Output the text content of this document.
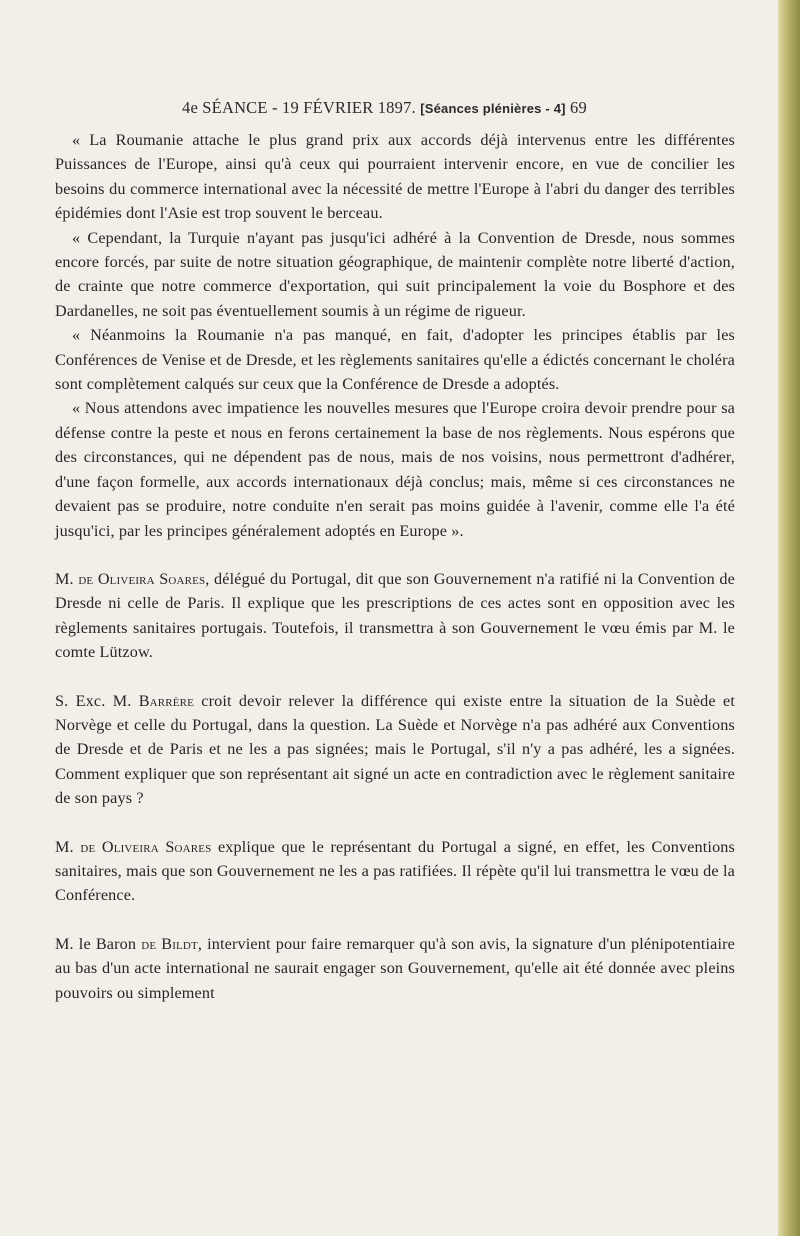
4e SÉANCE - 19 FÉVRIER 1897. [Séances plénières - 4] 69

« La Roumanie attache le plus grand prix aux accords déjà intervenus entre les différentes Puissances de l'Europe, ainsi qu'à ceux qui pourraient intervenir encore, en vue de concilier les besoins du commerce international avec la nécessité de mettre l'Europe à l'abri du danger des terribles épidémies dont l'Asie est trop souvent le berceau.

« Cependant, la Turquie n'ayant pas jusqu'ici adhéré à la Convention de Dresde, nous sommes encore forcés, par suite de notre situation géographique, de maintenir complète notre liberté d'action, de crainte que notre commerce d'exportation, qui suit principalement la voie du Bosphore et des Dardanelles, ne soit pas éventuellement soumis à un régime de rigueur.

« Néanmoins la Roumanie n'a pas manqué, en fait, d'adopter les principes établis par les Conférences de Venise et de Dresde, et les règlements sanitaires qu'elle a édictés concernant le choléra sont complètement calqués sur ceux que la Conférence de Dresde a adoptés.

« Nous attendons avec impatience les nouvelles mesures que l'Europe croira devoir prendre pour sa défense contre la peste et nous en ferons certainement la base de nos règlements. Nous espérons que des circonstances, qui ne dépendent pas de nous, mais de nos voisins, nous permettront d'adhérer, d'une façon formelle, aux accords internationaux déjà conclus; mais, même si ces circonstances ne devaient pas se produire, notre conduite n'en serait pas moins guidée à l'avenir, comme elle l'a été jusqu'ici, par les principes généralement adoptés en Europe ».

M. de Oliveira Soares, délégué du Portugal, dit que son Gouvernement n'a ratifié ni la Convention de Dresde ni celle de Paris. Il explique que les prescriptions de ces actes sont en opposition avec les règlements sanitaires portugais. Toutefois, il transmettra à son Gouvernement le vœu émis par M. le comte Lützow.

S. Exc. M. Barrère croit devoir relever la différence qui existe entre la situation de la Suède et Norvège et celle du Portugal, dans la question. La Suède et Norvège n'a pas adhéré aux Conventions de Dresde et de Paris et ne les a pas signées; mais le Portugal, s'il n'y a pas adhéré, les a signées. Comment expliquer que son représentant ait signé un acte en contradiction avec le règlement sanitaire de son pays ?

M. de Oliveira Soares explique que le représentant du Portugal a signé, en effet, les Conventions sanitaires, mais que son Gouvernement ne les a pas ratifiées. Il répète qu'il lui transmettra le vœu de la Conférence.

M. le Baron de Bildt, intervient pour faire remarquer qu'à son avis, la signature d'un plénipotentiaire au bas d'un acte international ne saurait engager son Gouvernement, qu'elle ait été donnée avec pleins pouvoirs ou simplement
